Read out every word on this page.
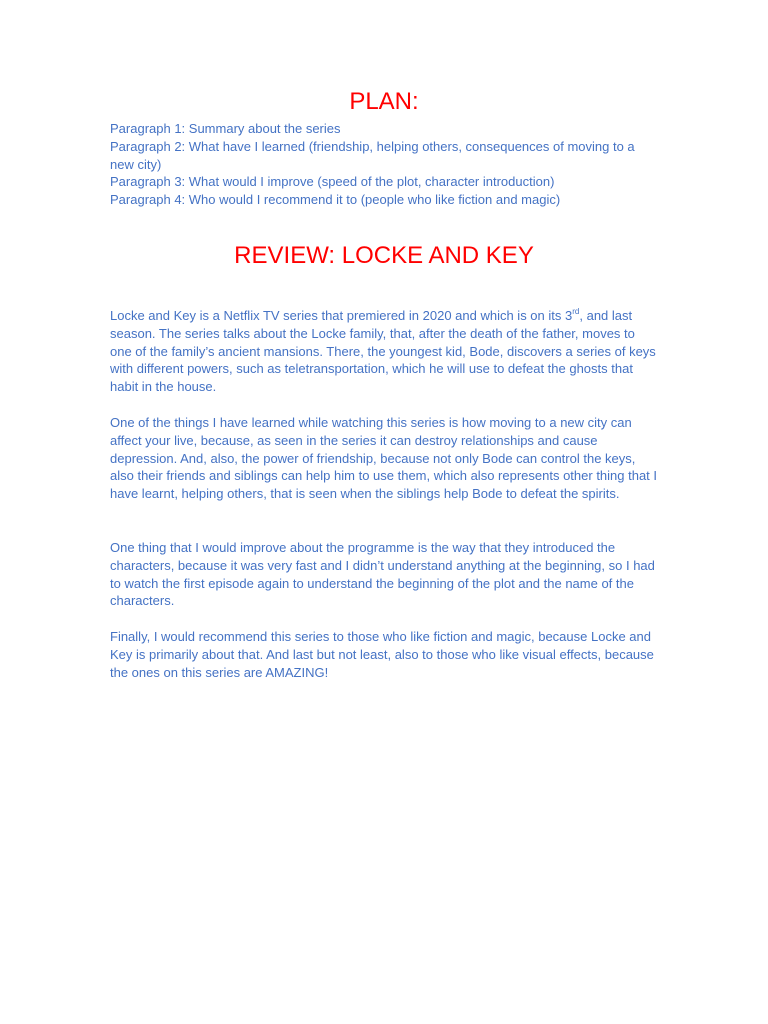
PLAN:
Paragraph 1: Summary about the series
Paragraph 2: What have I learned (friendship, helping others, consequences of moving to a new city)
Paragraph 3: What would I improve (speed of the plot, character introduction)
Paragraph 4: Who would I recommend it to (people who like fiction and magic)
REVIEW: LOCKE AND KEY

Locke and Key is a Netflix TV series that premiered in 2020 and which is on its 3rd, and last season. The series talks about the Locke family, that, after the death of the father, moves to one of the family’s ancient mansions. There, the youngest kid, Bode, discovers a series of keys with different powers, such as teletransportation, which he will use to defeat the ghosts that habit in the house.

One of the things I have learned while watching this series is how moving to a new city can affect your live, because, as seen in the series it can destroy relationships and cause depression. And, also, the power of friendship, because not only Bode can control the keys, also their friends and siblings can help him to use them, which also represents other thing that I have learnt, helping others, that is seen when the siblings help Bode to defeat the spirits.

One thing that I would improve about the programme is the way that they introduced the characters, because it was very fast and I didn’t understand anything at the beginning, so I had to watch the first episode again to understand the beginning of the plot and the name of the characters.

Finally, I would recommend this series to those who like fiction and magic, because Locke and Key is primarily about that. And last but not least, also to those who like visual effects, because the ones on this series are AMAZING!
